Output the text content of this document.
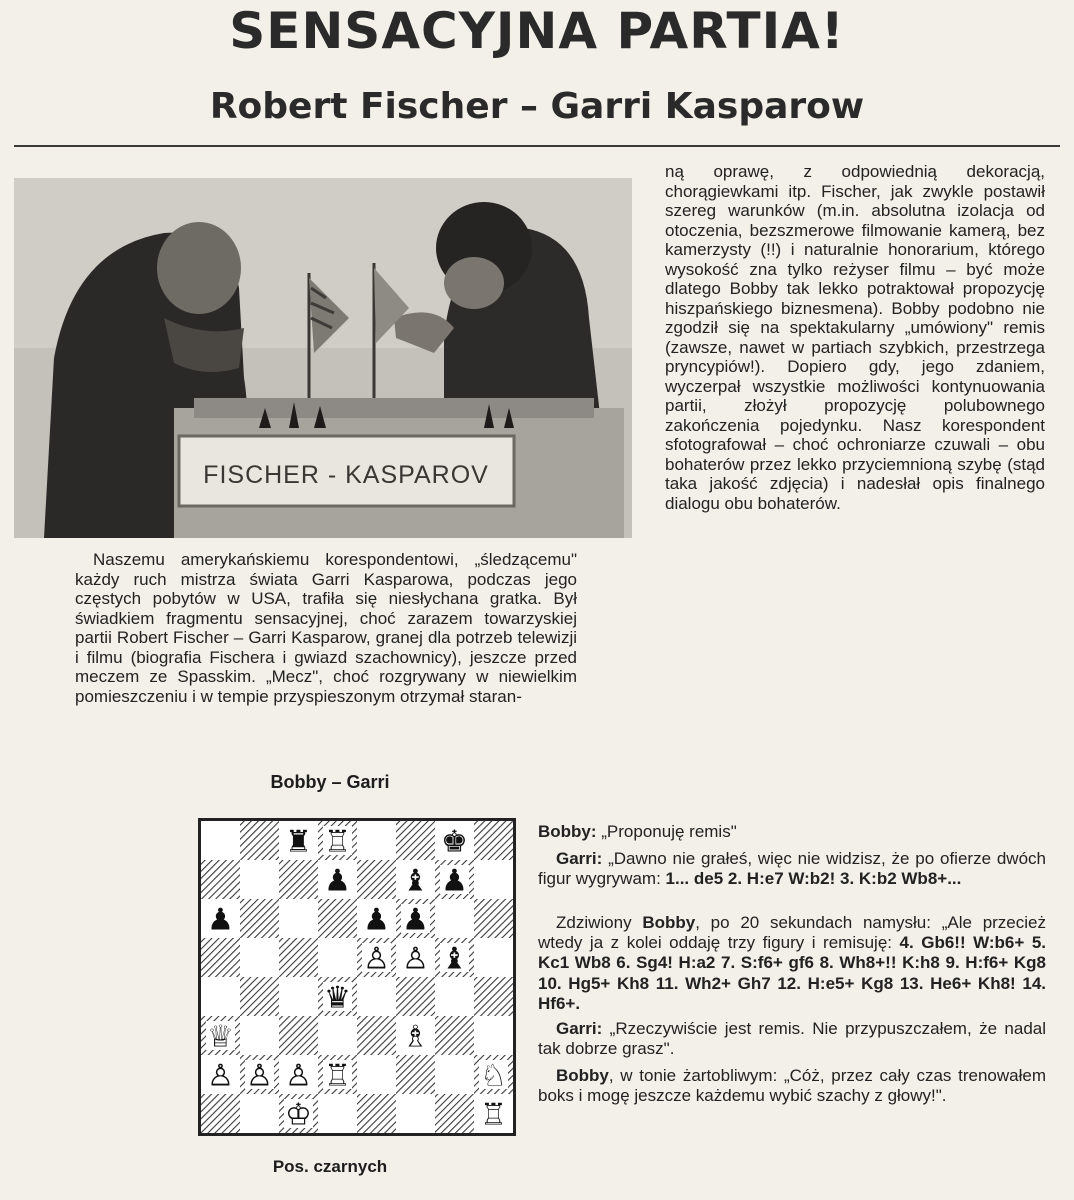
SENSACYJNA PARTIA!
Robert Fischer – Garri Kasparow
FISCHER - KASPAROV

Naszemu amerykańskiemu korespondentowi, „śledzącemu" każdy ruch mistrza świata Garri Kasparowa, podczas jego częstych pobytów w USA, trafiła się niesłychana gratka. Był świadkiem fragmentu sensacyjnej, choć zarazem towarzyskiej partii Robert Fischer – Garri Kasparow, granej dla potrzeb telewizji i filmu (biografia Fischera i gwiazd szachownicy), jeszcze przed meczem ze Spasskim. „Mecz", choć rozgrywany w niewielkim pomieszczeniu i w tempie przyspieszonym otrzymał staran-

ną oprawę, z odpowiednią dekoracją, chorągiewkami itp. Fischer, jak zwykle postawił szereg warunków (m.in. absolutna izolacja od otoczenia, bezszmerowe filmowanie kamerą, bez kamerzysty (!!) i naturalnie honorarium, którego wysokość zna tylko reżyser filmu – być może dlatego Bobby tak lekko potraktował propozycję hiszpańskiego biznesmena). Bobby podobno nie zgodził się na spektakularny „umówiony" remis (zawsze, nawet w partiach szybkich, przestrzega pryncypiów!). Dopiero gdy, jego zdaniem, wyczerpał wszystkie możliwości kontynuowania partii, złożył propozycję polubownego zakończenia pojedynku. Nasz korespondent sfotografował – choć ochroniarze czuwali – obu bohaterów przez lekko przyciemnioną szybę (stąd taka jakość zdjęcia) i nadesłał opis finalnego dialogu obu bohaterów.

Bobby – Garri

♜ ♖	♚
♟ ♝ ♟
♟	♟ ♟
♙ ♙ ♝
♛
♕	♗
♙ ♙ ♙ ♖	♘
♔	♖

Pos. czarnych

Bobby: „Proponuję remis"

Garri: „Dawno nie grałeś, więc nie widzisz, że po ofierze dwóch figur wygrywam: 1... de5 2. H:e7 W:b2! 3. K:b2 Wb8+...

Zdziwiony Bobby, po 20 sekundach namysłu: „Ale przecież wtedy ja z kolei oddaję trzy figury i remisuję: 4. Gb6!! W:b6+ 5. Kc1 Wb8 6. Sg4! H:a2 7. S:f6+ gf6 8. Wh8+!! K:h8 9. H:f6+ Kg8 10. Hg5+ Kh8 11. Wh2+ Gh7 12. H:e5+ Kg8 13. He6+ Kh8! 14. Hf6+.

Garri: „Rzeczywiście jest remis. Nie przypuszczałem, że nadal tak dobrze grasz".

Bobby, w tonie żartobliwym: „Cóż, przez cały czas trenowałem boks i mogę jeszcze każdemu wybić szachy z głowy!".
